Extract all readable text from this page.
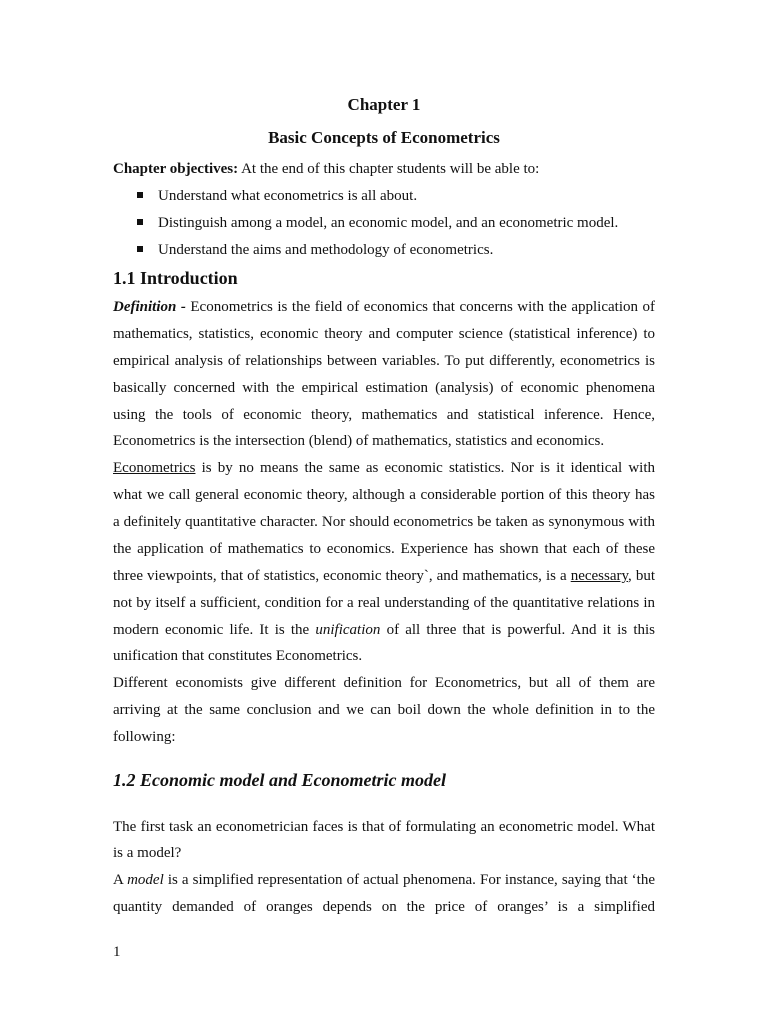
Chapter 1
Basic Concepts of Econometrics
Chapter objectives: At the end of this chapter students will be able to:
Understand what econometrics is all about.
Distinguish among a model, an economic model, and an econometric model.
Understand the aims and methodology of econometrics.
1.1 Introduction
Definition - Econometrics is the field of economics that concerns with the application of
mathematics, statistics, economic theory and computer science (statistical inference) to
empirical analysis of relationships between variables. To put differently, econometrics is
basically concerned with the empirical estimation (analysis) of economic phenomena
using the tools of economic theory, mathematics and statistical inference. Hence,
Econometrics is the intersection (blend) of mathematics, statistics and economics.
Econometrics is by no means the same as economic statistics. Nor is it identical with
what we call general economic theory, although a considerable portion of this theory has
a definitely quantitative character. Nor should econometrics be taken as synonymous with
the application of mathematics to economics. Experience has shown that each of these
three viewpoints, that of statistics, economic theory`, and mathematics, is a necessary, but
not by itself a sufficient, condition for a real understanding of the quantitative relations in
modern economic life. It is the unification of all three that is powerful. And it is this
unification that constitutes Econometrics.
Different economists give different definition for Econometrics, but all of them are
arriving at the same conclusion and we can boil down the whole definition in to the
following:
1.2 Economic model and Econometric model
The first task an econometrician faces is that of formulating an econometric model. What
is a model?
A model is a simplified representation of actual phenomena. For instance, saying that ‘the
quantity demanded of oranges depends on the price of oranges’ is a simplified
1
